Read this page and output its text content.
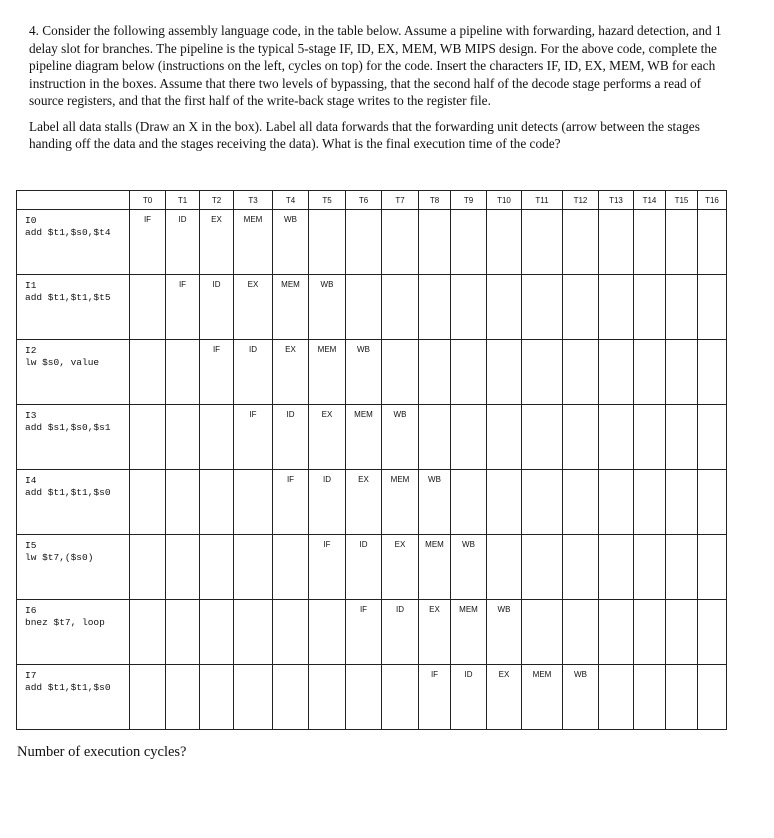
4. Consider the following assembly language code, in the table below. Assume a pipeline with forwarding, hazard detection, and 1 delay slot for branches. The pipeline is the typical 5-stage IF, ID, EX, MEM, WB MIPS design. For the above code, complete the pipeline diagram below (instructions on the left, cycles on top) for the code. Insert the characters IF, ID, EX, MEM, WB for each instruction in the boxes. Assume that there two levels of bypassing, that the second half of the decode stage performs a read of source registers, and that the first half of the write-back stage writes to the register file.

Label all data stalls (Draw an X in the box). Label all data forwards that the forwarding unit detects (arrow between the stages handing off the data and the stages receiving the data). What is the final execution time of the code?

	T0	T1	T2	T3	T4	T5	T6	T7	T8	T9	T10	T11	T12	T13	T14	T15	T16

I0
add $t1,$s0,$t4	IF	ID	EX	MEM	WB												

I1
add $t1,$t1,$t5		IF	ID	EX	MEM	WB											

I2
lw $s0, value			IF	ID	EX	MEM	WB										

I3
add $s1,$s0,$s1				IF	ID	EX	MEM	WB									

I4
add $t1,$t1,$s0					IF	ID	EX	MEM	WB								

I5
lw $t7,($s0)						IF	ID	EX	MEM	WB							

I6
bnez $t7, loop							IF	ID	EX	MEM	WB						

I7
add $t1,$t1,$s0									IF	ID	EX	MEM	WB				
Number of execution cycles?
